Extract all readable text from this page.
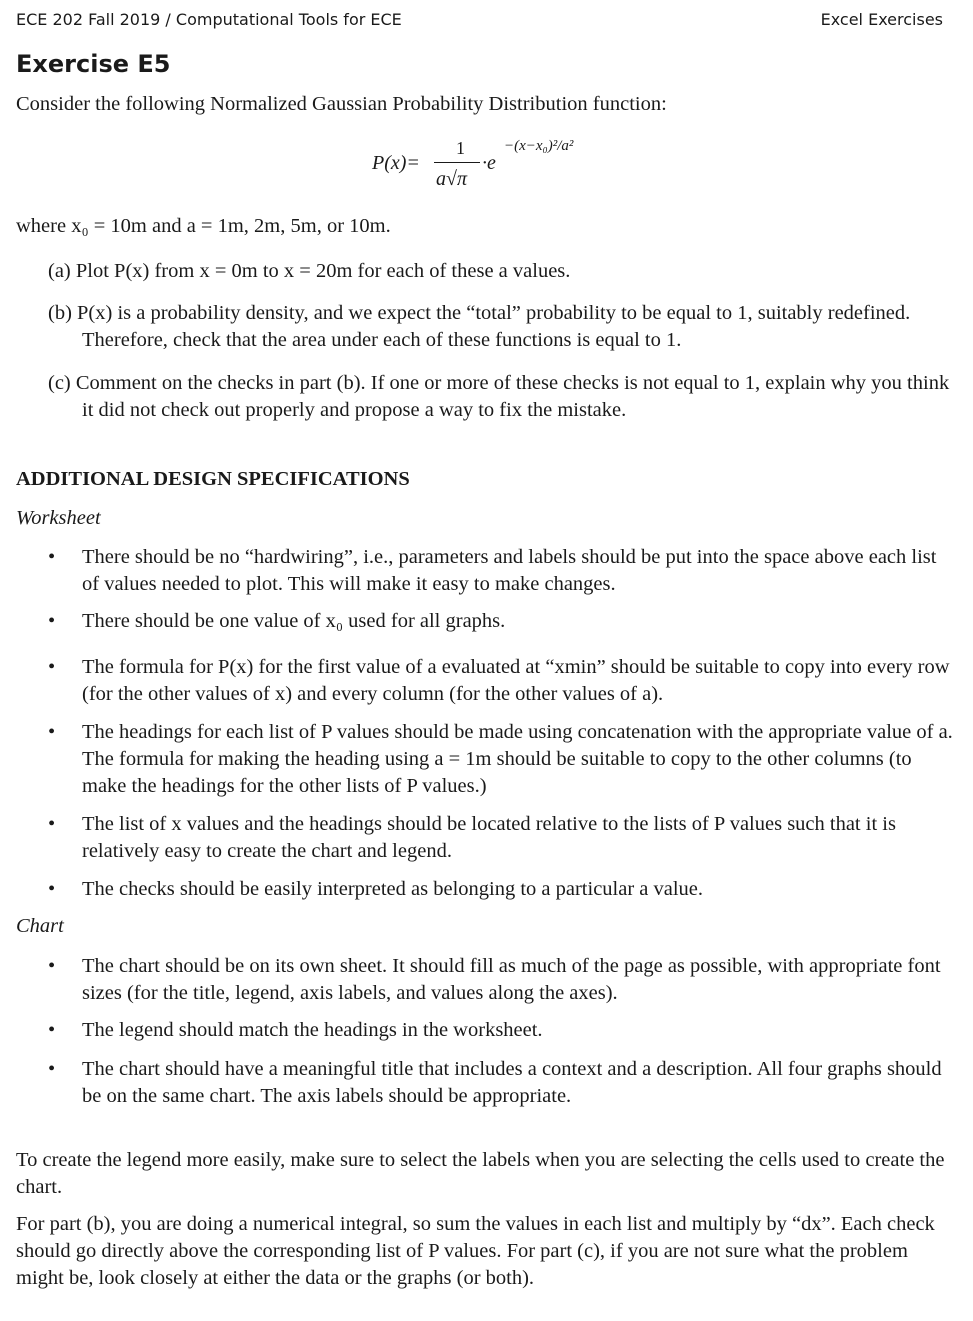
ECE 202 Fall 2019 / Computational Tools for ECE	Excel Exercises
Exercise E5
Consider the following Normalized Gaussian Probability Distribution function:
P(x)=
1
a√π
·e
−(x−x₀)²/a²
where x₀ = 10m and a = 1m, 2m, 5m, or 10m.
(a) Plot P(x) from x = 0m to x = 20m for each of these a values.
(b) P(x) is a probability density, and we expect the “total” probability to be equal to 1, suitably redefined. Therefore, check that the area under each of these functions is equal to 1.
(c) Comment on the checks in part (b). If one or more of these checks is not equal to 1, explain why you think it did not check out properly and propose a way to fix the mistake.
ADDITIONAL DESIGN SPECIFICATIONS
Worksheet
•	There should be no “hardwiring”, i.e., parameters and labels should be put into the space above each list of values needed to plot. This will make it easy to make changes.
•	There should be one value of x₀ used for all graphs.
•	The formula for P(x) for the first value of a evaluated at “xmin” should be suitable to copy into every row (for the other values of x) and every column (for the other values of a).
•	The headings for each list of P values should be made using concatenation with the appropriate value of a. The formula for making the heading using a = 1m should be suitable to copy to the other columns (to make the headings for the other lists of P values.)
•	The list of x values and the headings should be located relative to the lists of P values such that it is relatively easy to create the chart and legend.
•	The checks should be easily interpreted as belonging to a particular a value.
Chart
•	The chart should be on its own sheet. It should fill as much of the page as possible, with appropriate font sizes (for the title, legend, axis labels, and values along the axes).
•	The legend should match the headings in the worksheet.
•	The chart should have a meaningful title that includes a context and a description. All four graphs should be on the same chart. The axis labels should be appropriate.
To create the legend more easily, make sure to select the labels when you are selecting the cells used to create the chart.
For part (b), you are doing a numerical integral, so sum the values in each list and multiply by “dx”. Each check should go directly above the corresponding list of P values. For part (c), if you are not sure what the problem might be, look closely at either the data or the graphs (or both).
